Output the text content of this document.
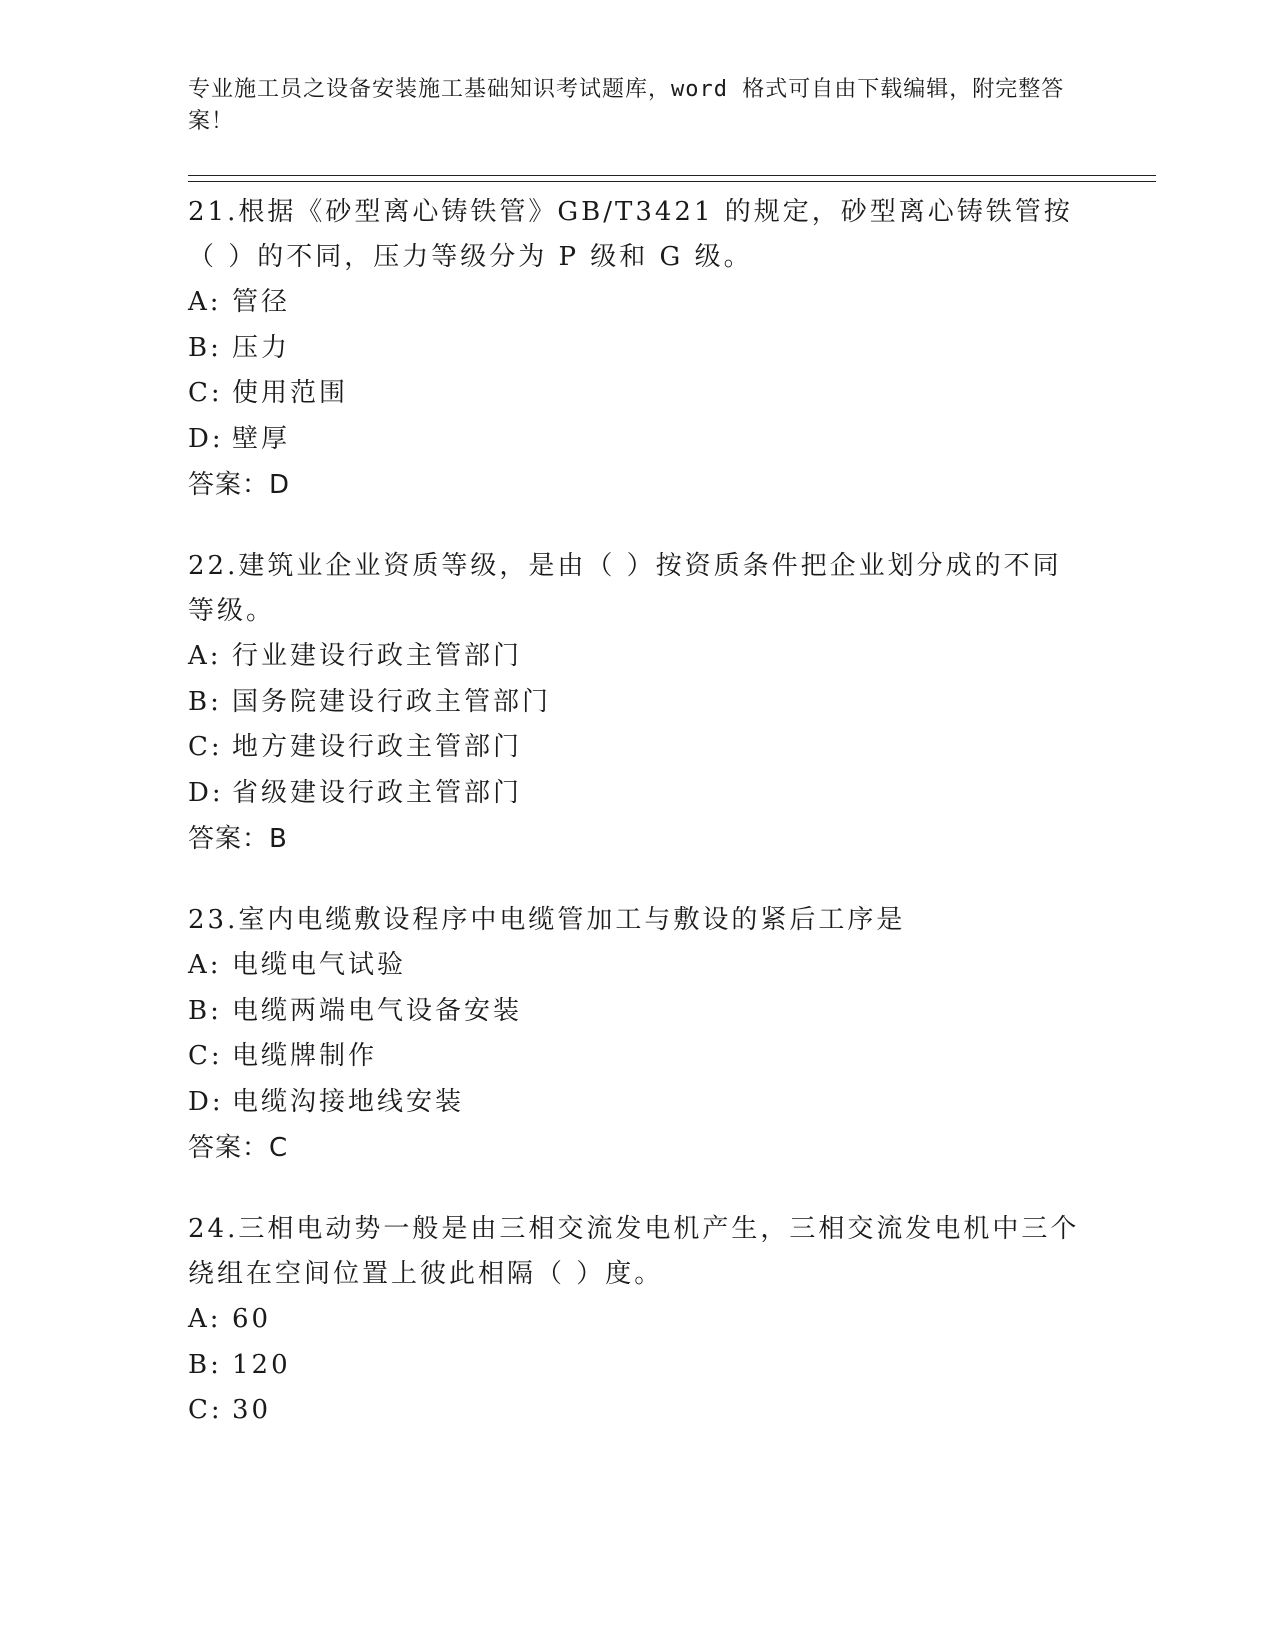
专业施工员之设备安装施工基础知识考试题库，word 格式可自由下载编辑，附完整答案！
21.根据《砂型离心铸铁管》GB/T3421 的规定，砂型离心铸铁管按（ ）的不同，压力等级分为 P 级和 G 级。
A: 管径
B: 压力
C: 使用范围
D: 壁厚
答案：D
22.建筑业企业资质等级，是由（ ）按资质条件把企业划分成的不同等级。
A: 行业建设行政主管部门
B: 国务院建设行政主管部门
C: 地方建设行政主管部门
D: 省级建设行政主管部门
答案：B
23.室内电缆敷设程序中电缆管加工与敷设的紧后工序是
A: 电缆电气试验
B: 电缆两端电气设备安装
C: 电缆牌制作
D: 电缆沟接地线安装
答案：C
24.三相电动势一般是由三相交流发电机产生，三相交流发电机中三个绕组在空间位置上彼此相隔（ ）度。
A: 60
B: 120
C: 30
